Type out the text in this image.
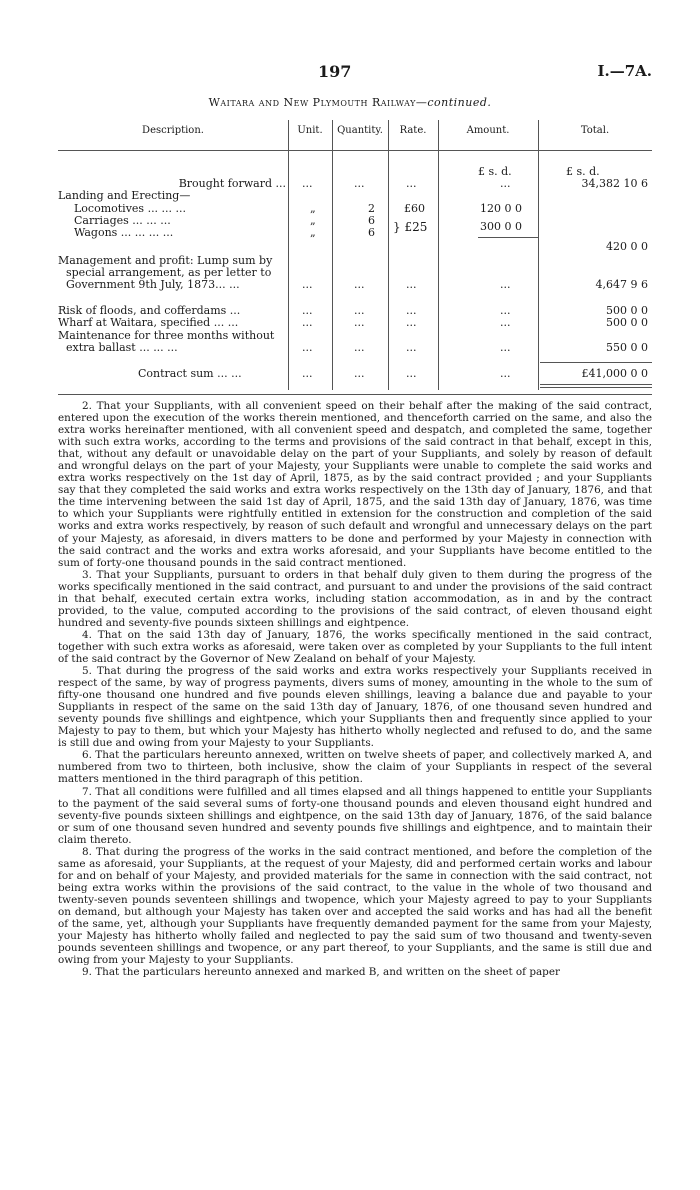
197	I.—7A.
Waitara and New Plymouth Railway—continued.
Description.	Unit.	Quantity.	Rate.	Amount.	Total.
£ s. d.	£ s. d.
Brought forward ... ...	...	...	...	34,382 10 6
Landing and Erecting—
Locomotives ... ... ...	„	2	£60	120 0 0
Carriages ... ... ...	„	6 } £25	300 0 0
Wagons ... ... ... ...	„	6
420 0 0
Management and profit: Lump sum by
special arrangement, as per letter to
Government 9th July, 1873... ...	...	...	...	...	4,647 9 6
Risk of floods, and cofferdams ...	...	...	...	...	500 0 0
Wharf at Waitara, specified ... ...	...	...	...	...	500 0 0
Maintenance for three months without
extra ballast ... ... ...	...	...	...	...	550 0 0
Contract sum ... ...	...	...	...	...	£41,000 0 0

2. That your Suppliants, with all convenient speed on their behalf after the making of the said contract, entered upon the execution of the works therein mentioned, and thenceforth carried on the same, and also the extra works hereinafter mentioned, with all convenient speed and despatch, and completed the same, together with such extra works, according to the terms and provisions of the said contract in that behalf, except in this, that, without any default or unavoidable delay on the part of your Suppliants, and solely by reason of default and wrongful delays on the part of your Majesty, your Suppliants were unable to complete the said works and extra works respectively on the 1st day of April, 1875, as by the said contract provided ; and your Suppliants say that they completed the said works and extra works respectively on the 13th day of January, 1876, and that the time intervening between the said 1st day of April, 1875, and the said 13th day of January, 1876, was time to which your Suppliants were rightfully entitled in extension for the construction and completion of the said works and extra works respectively, by reason of such default and wrongful and unnecessary delays on the part of your Majesty, as aforesaid, in divers matters to be done and performed by your Majesty in connection with the said contract and the works and extra works aforesaid, and your Suppliants have become entitled to the sum of forty-one thousand pounds in the said contract mentioned.

3. That your Suppliants, pursuant to orders in that behalf duly given to them during the progress of the works specifically mentioned in the said contract, and pursuant to and under the provisions of the said contract in that behalf, executed certain extra works, including station accommodation, as in and by the contract provided, to the value, computed according to the provisions of the said contract, of eleven thousand eight hundred and seventy-five pounds sixteen shillings and eightpence.

4. That on the said 13th day of January, 1876, the works specifically mentioned in the said contract, together with such extra works as aforesaid, were taken over as completed by your Suppliants to the full intent of the said contract by the Governor of New Zealand on behalf of your Majesty.

5. That during the progress of the said works and extra works respectively your Suppliants received in respect of the same, by way of progress payments, divers sums of money, amounting in the whole to the sum of fifty-one thousand one hundred and five pounds eleven shillings, leaving a balance due and payable to your Suppliants in respect of the same on the said 13th day of January, 1876, of one thousand seven hundred and seventy pounds five shillings and eightpence, which your Suppliants then and frequently since applied to your Majesty to pay to them, but which your Majesty has hitherto wholly neglected and refused to do, and the same is still due and owing from your Majesty to your Suppliants.

6. That the particulars hereunto annexed, written on twelve sheets of paper, and collectively marked A, and numbered from two to thirteen, both inclusive, show the claim of your Suppliants in respect of the several matters mentioned in the third paragraph of this petition.

7. That all conditions were fulfilled and all times elapsed and all things happened to entitle your Suppliants to the payment of the said several sums of forty-one thousand pounds and eleven thousand eight hundred and seventy-five pounds sixteen shillings and eightpence, on the said 13th day of January, 1876, of the said balance or sum of one thousand seven hundred and seventy pounds five shillings and eightpence, and to maintain their claim thereto.

8. That during the progress of the works in the said contract mentioned, and before the completion of the same as aforesaid, your Suppliants, at the request of your Majesty, did and performed certain works and labour for and on behalf of your Majesty, and provided materials for the same in connection with the said contract, not being extra works within the provisions of the said contract, to the value in the whole of two thousand and twenty-seven pounds seventeen shillings and twopence, which your Majesty agreed to pay to your Suppliants on demand, but although your Majesty has taken over and accepted the said works and has had all the benefit of the same, yet, although your Suppliants have frequently demanded payment for the same from your Majesty, your Majesty has hitherto wholly failed and neglected to pay the said sum of two thousand and twenty-seven pounds seventeen shillings and twopence, or any part thereof, to your Suppliants, and the same is still due and owing from your Majesty to your Suppliants.

9. That the particulars hereunto annexed and marked B, and written on the sheet of paper
